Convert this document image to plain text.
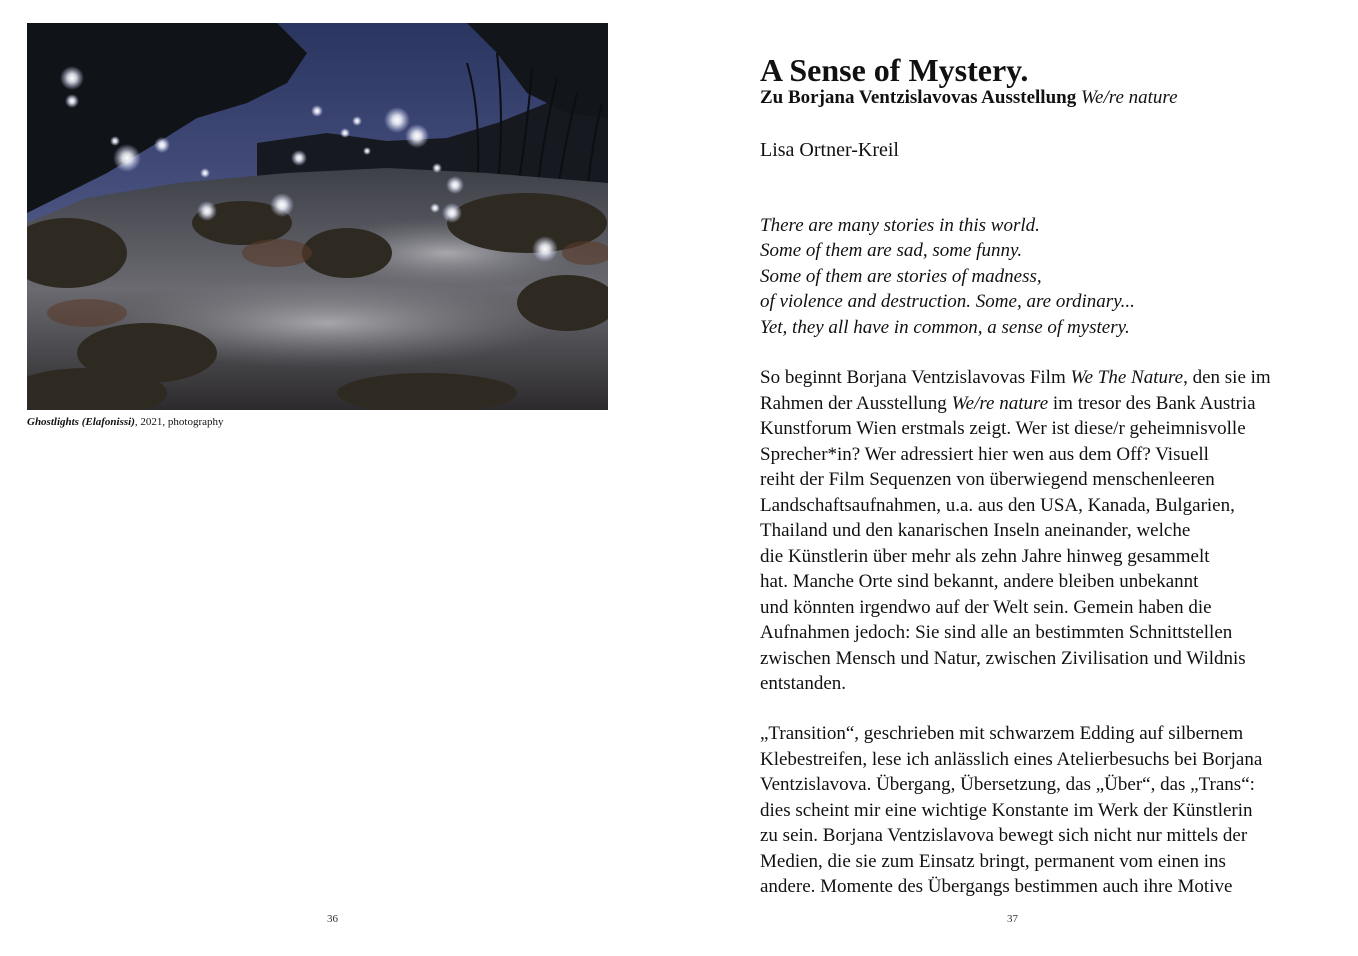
Ghostlights (Elafonissi), 2021, photography
36
A Sense of Mystery.
Zu Borjana Ventzislavovas Ausstellung We/re nature

Lisa Ortner-Kreil

There are many stories in this world.
Some of them are sad, some funny.
Some of them are stories of madness,
of violence and destruction. Some, are ordinary...
Yet, they all have in common, a sense of mystery.
So beginnt Borjana Ventzislavovas Film We The Nature, den sie im
Rahmen der Ausstellung We/re nature im tresor des Bank Austria
Kunstforum Wien erstmals zeigt. Wer ist diese/r geheimnisvolle
Sprecher*in? Wer adressiert hier wen aus dem Off? Visuell
reiht der Film Sequenzen von überwiegend menschenleeren
Landschaftsaufnahmen, u.a. aus den USA, Kanada, Bulgarien,
Thailand und den kanarischen Inseln aneinander, welche
die Künstlerin über mehr als zehn Jahre hinweg gesammelt
hat. Manche Orte sind bekannt, andere bleiben unbekannt
und könnten irgendwo auf der Welt sein. Gemein haben die
Aufnahmen jedoch: Sie sind alle an bestimmten Schnittstellen
zwischen Mensch und Natur, zwischen Zivilisation und Wildnis
entstanden.
„Transition“, geschrieben mit schwarzem Edding auf silbernem
Klebestreifen, lese ich anlässlich eines Atelierbesuchs bei Borjana
Ventzislavova. Übergang, Übersetzung, das „Über“, das „Trans“:
dies scheint mir eine wichtige Konstante im Werk der Künstlerin
zu sein. Borjana Ventzislavova bewegt sich nicht nur mittels der
Medien, die sie zum Einsatz bringt, permanent vom einen ins
andere. Momente des Übergangs bestimmen auch ihre Motive
37
